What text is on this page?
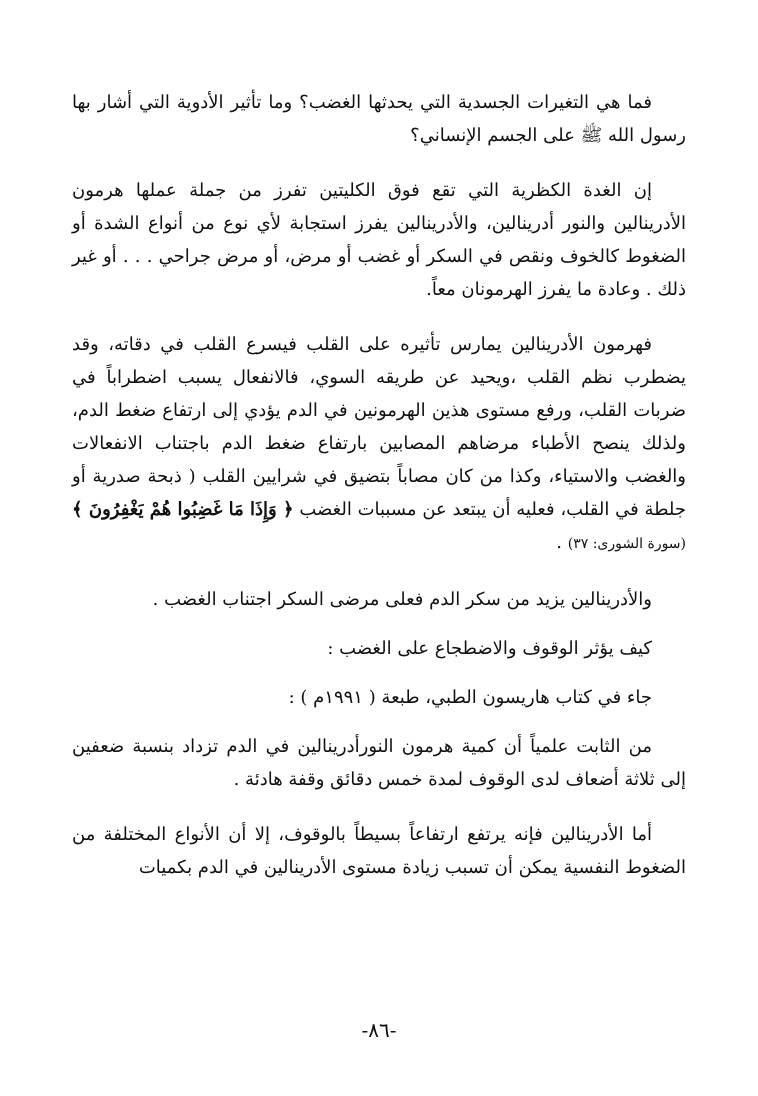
فما هي التغيرات الجسدية التي يحدثها الغضب؟ وما تأثير الأدوية التي أشار بها رسول الله ﷺ على الجسم الإنساني؟

إن الغدة الكظرية التي تقع فوق الكليتين تفرز من جملة عملها هرمون الأدرينالين والنور أدرينالين، والأدرينالين يفرز استجابة لأي نوع من أنواع الشدة أو الضغوط كالخوف ونقص في السكر أو غضب أو مرض، أو مرض جراحي . . . أو غير ذلك . وعادة ما يفرز الهرمونان معاً.

فهرمون الأدرينالين يمارس تأثيره على القلب فيسرع القلب في دقاته، وقد يضطرب نظم القلب ،ويحيد عن طريقه السوي، فالانفعال يسبب اضطراباً في ضربات القلب، ورفع مستوى هذين الهرمونين في الدم يؤدي إلى ارتفاع ضغط الدم، ولذلك ينصح الأطباء مرضاهم المصابين بارتفاع ضغط الدم باجتناب الانفعالات والغضب والاستياء، وكذا من كان مصاباً بتضيق في شرايين القلب ( ذبحة صدرية أو جلطة في القلب، فعليه أن يبتعد عن مسببات الغضب ﴿ وَإِذَا مَا غَضِبُوا هُمْ يَغْفِرُونَ ﴾(سورة الشورى: ٣٧) .

والأدرينالين يزيد من سكر الدم فعلى مرضى السكر اجتناب الغضب .

كيف يؤثر الوقوف والاضطجاع على الغضب :

جاء في كتاب هاريسون الطبي، طبعة ( ١٩٩١م ) :

من الثابت علمياً أن كمية هرمون النورأدرينالين في الدم تزداد بنسبة ضعفين إلى ثلاثة أضعاف لدى الوقوف لمدة خمس دقائق وقفة هادئة .

أما الأدرينالين فإنه يرتفع ارتفاعاً بسيطاً بالوقوف، إلا أن الأنواع المختلفة من الضغوط النفسية يمكن أن تسبب زيادة مستوى الأدرينالين في الدم بكميات

-٨٦-
